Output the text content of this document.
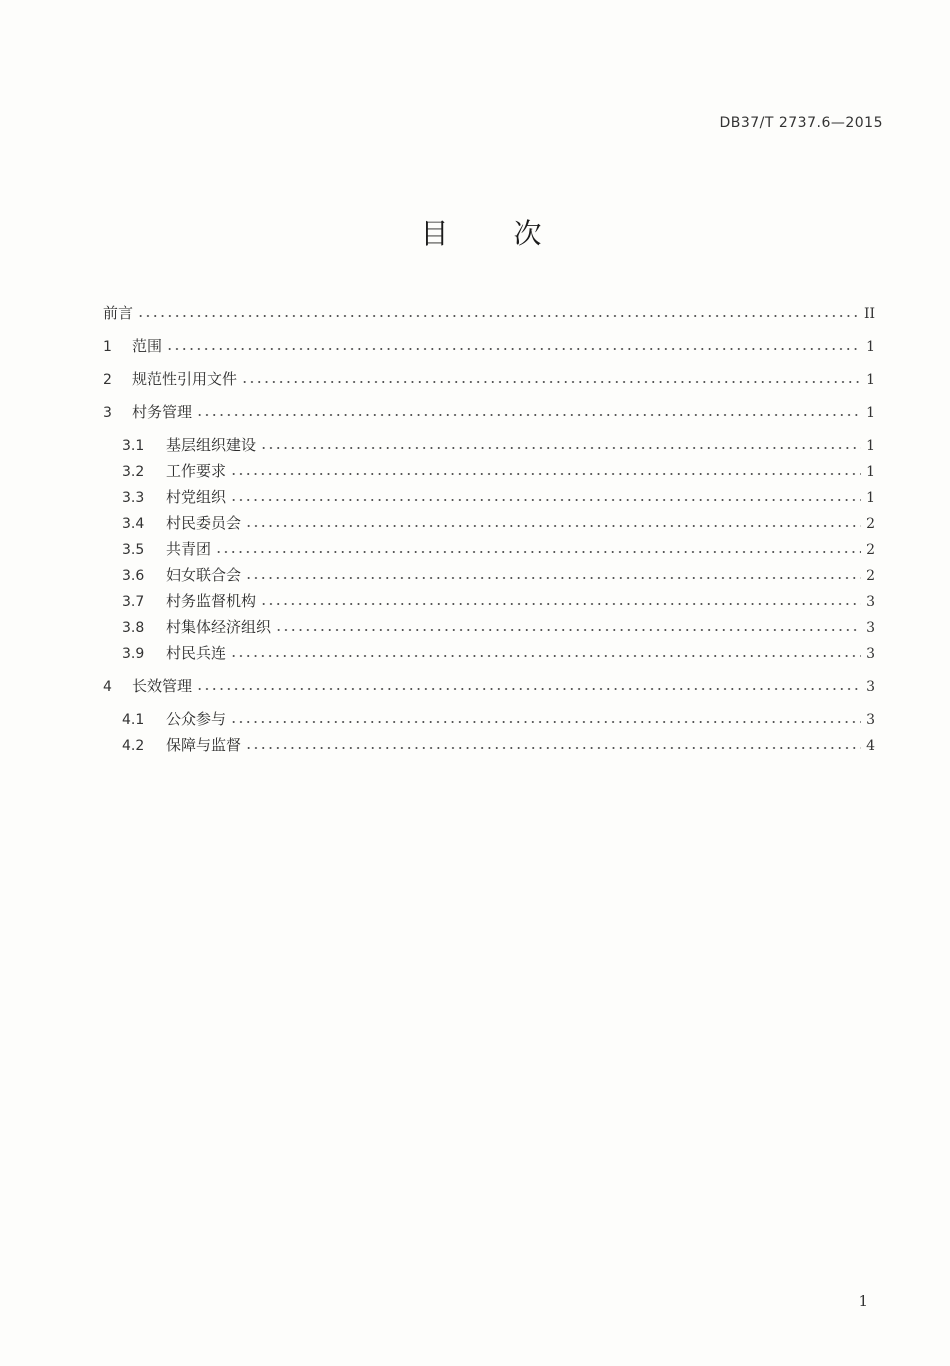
DB37/T 2737.6—2015
目 次
前言	II
1	范围	1
2	规范性引用文件	1
3	村务管理	1
3.1	基层组织建设	1
3.2	工作要求	1
3.3	村党组织	1
3.4	村民委员会	2
3.5	共青团	2
3.6	妇女联合会	2
3.7	村务监督机构	3
3.8	村集体经济组织	3
3.9	村民兵连	3
4	长效管理	3
4.1	公众参与	3
4.2	保障与监督	4
1
